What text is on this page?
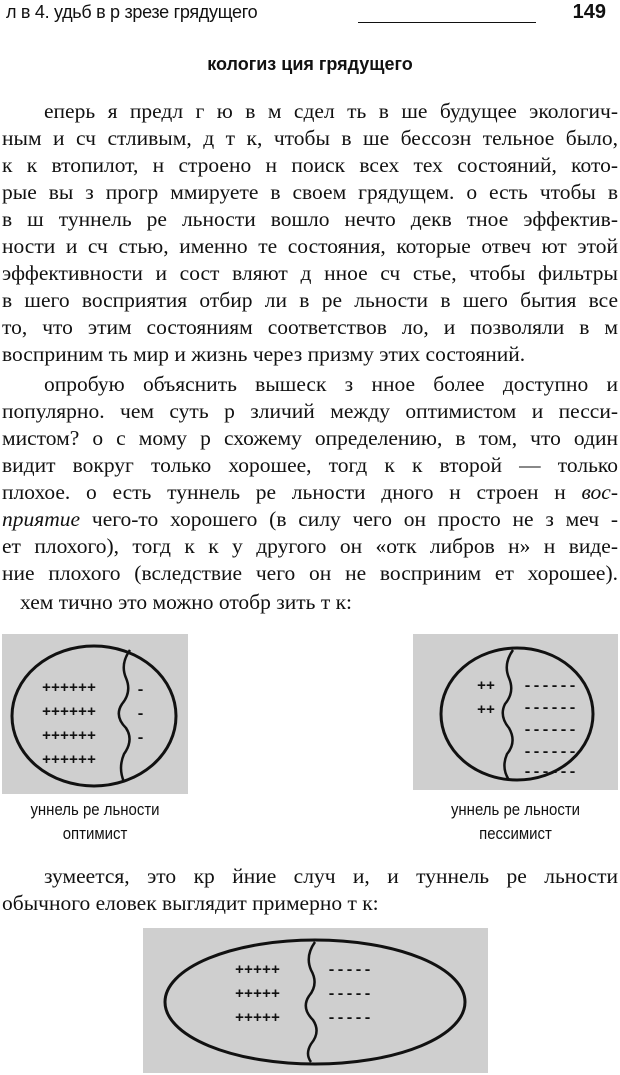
л в 4. удьб в р зрезе грядущего	149
кологиз ция грядущего
еперь я предл г ю в м сдел ть в ше будущее экологич-
ным и сч стливым, д т к, чтобы в ше бессозн тельное было,
к к втопилот, н строено н поиск всех тех состояний, кото-
рые вы з прогр ммируете в своем грядущем. о есть чтобы в
в ш туннель ре льности вошло нечто декв тное эффектив-
ности и сч стью, именно те состояния, которые отвеч ют этой
эффективности и сост вляют д нное сч стье, чтобы фильтры
в шего восприятия отбир ли в ре льности в шего бытия все
то, что этим состояниям соответствов ло, и позволяли в м
восприним ть мир и жизнь через призму этих состояний.
опробую объяснить вышеск з нное более доступно и
популярно. чем суть р зличий между оптимистом и песси-
мистом? о с мому р схожему определению, в том, что один
видит вокруг только хорошее, тогд к к второй — только
плохое. о есть туннель ре льности дного н строен н вос-
приятие чего-то хорошего (в силу чего он просто не з меч -
ет плохого), тогд к к у другого он «отк либров н» н виде-
ние плохого (вследствие чего он не восприним ет хорошее).
хем тично это можно отобр зить т к:
++++++
++++++
++++++
++++++
-
-
-
уннель ре льности
оптимист
++
++
------
------
------
------
------
уннель ре льности
пессимист
зумеется, это кр йние случ и, и туннель ре льности
обычного еловек выглядит примерно т к:
+++++
+++++
+++++
-----
-----
-----
